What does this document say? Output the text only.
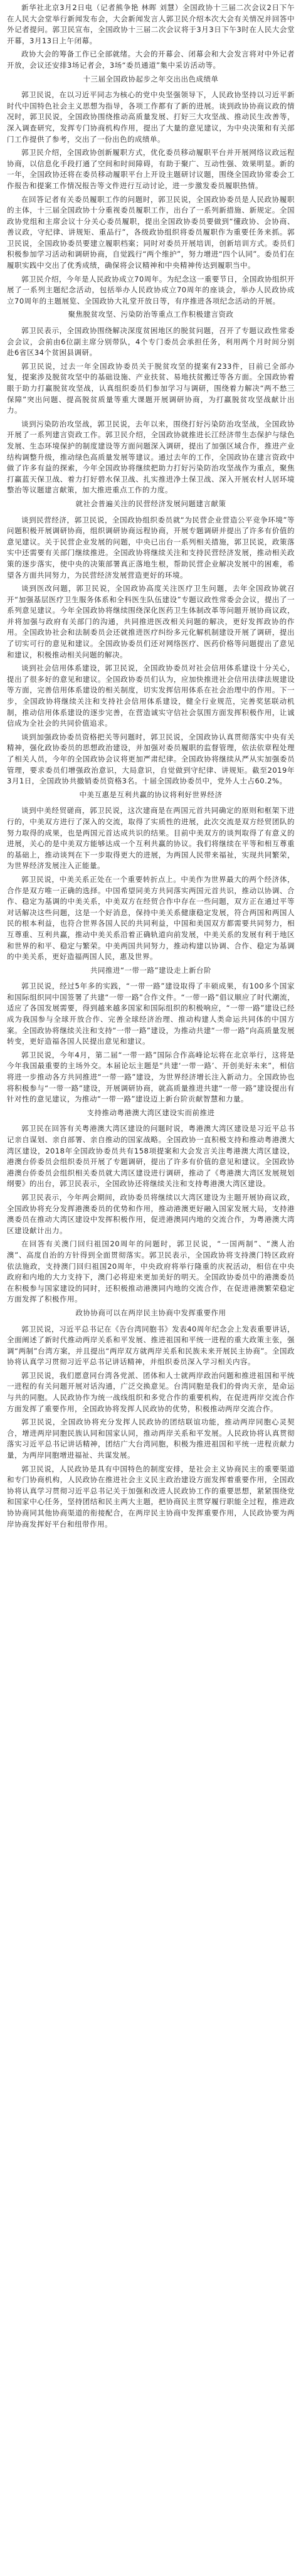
新华社北京3月2日电（记者熊争艳 林晖 刘慧）全国政协十三届二次会议2日下午在人民大会堂举行新闻发布会，大会新闻发言人郭卫民介绍本次大会有关情况并回答中外记者提问。郭卫民宣布，全国政协十三届二次会议将于3月3日下午3时在人民大会堂开幕，3月13日上午闭幕。

政协大会的筹备工作已全部就绪。大会的开幕会、闭幕会和大会发言将对中外记者开放，会议还安排3场记者会，3场“委员通道”集中采访活动等。

十三届全国政协起步之年交出出色成绩单

郭卫民说，在以习近平同志为核心的党中央坚强领导下，人民政协坚持以习近平新时代中国特色社会主义思想为指导，各项工作都有了新的进展。谈到政协协商议政的情况时，郭卫民说，全国政协围绕推动高质量发展、打好三大攻坚战、推动民生改善等，深入调查研究，发挥专门协商机构作用，提出了大量的意见建议，为中央决策和有关部门工作提供了参考，交出了一份出色的成绩单。

郭卫民介绍，全国政协创新履职方式，优化委员移动履职平台并开展网络议政远程协商，以信息化手段打通了空间和时间障碍，有助于聚广、互动性强、效果明显。新的一年，全国政协还将在委员移动履职平台上开设主题研讨议题，围绕全国政协常委会工作报告和提案工作情况报告等文件进行互动讨论，进一步激发委员履职热情。

在回答记者有关委员履职工作的问题时，郭卫民说，全国政协委员是人民政协履职的主体，十三届全国政协十分重视委员履职工作，出台了一系列新措施、新规定。全国政协党组和主席会议十分关心委员履职，提出全国政协委员要做到“懂政协、会协商、善议政，守纪律、讲规矩、重品行”，各级政协组织将委员履职作为重要任务来抓。郭卫民说，全国政协委员要建立履职档案；同时对委员开展培训，创新培训方式。委员们积极参加学习活动和调研协商，自觉践行“两个维护”，努力增进“四个认同”。委员们在履职实践中交出了优秀成绩，确保将会议精神和中央精神传达到履职当中。

郭卫民介绍，今年是人民政协成立70周年。为纪念这一重要节日，全国政协组织开展了一系列主题纪念活动，包括举办人民政协成立70周年的座谈会，举办人民政协成立70周年的主题展览、全国政协大礼堂开放日等，有序推进各项纪念活动的开展。

聚焦脱贫攻坚、污染防治等重点工作积极建言资政

郭卫民表示，全国政协围绕解决深度贫困地区的脱贫问题，召开了专题议政性常委会会议，会前由6位副主席分别带队，4个专门委员会承担任务，利用两个月时间分别赴6省区34个贫困县调研。

郭卫民说，过去一年全国政协委员关于脱贫攻坚的提案有233件，目前已全部办复，提案涉及脱贫攻坚中的基础设施、产业扶贫、易地扶贫搬迁等各方面。全国政协着眼于助力打赢脱贫攻坚战，认真组织委员们参加学习与调研，围绕着力解决“两不愁三保障”突出问题、提高脱贫质量等重大课题开展调研协商，为打赢脱贫攻坚战献计出力。

谈到污染防治攻坚战，郭卫民说，去年以来，围绕打好污染防治攻坚战，全国政协开展了一系列建言资政工作。郭卫民介绍，全国政协就推进长江经济带生态保护与绿色发展、生态环境保护的制度建设等方面问题深入调研，提出了加强区域合作，推进产业结构调整升级，推动绿色高质量发展等建议。通过去年的工作，全国政协在建言资政中做了许多有益的探索，今年全国政协将继续把助力打好污染防治攻坚战作为重点，聚焦打赢蓝天保卫战、着力打好碧水保卫战、扎实推进净土保卫战、深入开展农村人居环境整治等议题建言献策，加大推进重点工作的力度。

就社会普遍关注的民营经济发展问题建言献策

谈到民营经济，郭卫民说，全国政协组织委员就“为民营企业营造公平竞争环境”等问题积极开展调研协商，组织调研协商远程协商，开展专题调研并提出了许多有价值的意见建议。关于民营企业发展的问题，中央已出台一系列相关措施，郭卫民说，政策落实中还需要有关部门继续推进。全国政协将继续关注和支持民营经济发展，推动相关政策的逐步落实，使中央的决策部署真正落地生根，帮助民营企业解决发展中的困难，希望各方面共同努力，为民营经济发展营造更好的环境。

谈到医改问题，郭卫民说，全国政协高度关注医疗卫生问题，去年全国政协就召开“加强基层医疗卫生服务体系和全科医生队伍建设”专题议政性常委会会议，提出了一系列意见建议。今年全国政协将继续围绕深化医药卫生体制改革等问题开展协商议政，并将加强与政府有关部门的沟通，共同推进医改相关问题的解决，更好发挥政协的作用。全国政协社会和法制委员会还就推进医疗纠纷多元化解机制建设开展了调研，提出了切实可行的意见和建议。全国政协委员们还对网络医疗、医药价格等问题提出了意见和建议，积极推动相关问题的解决。

谈到社会信用体系建设，郭卫民说，全国政协委员对社会信用体系建设十分关心，提出了很多好的意见和建议。全国政协委员们认为，应加快推进社会信用法律法规建设等方面，完善信用体系建设的相关制度，切实发挥信用体系在社会治理中的作用。下一步，全国政协将继续关注和支持社会信用体系建设，健全行业规范，完善奖惩联动机制，推动信用体系建设的逐步完善，在营造诚实守信社会氛围方面发挥积极作用，让诚信成为全社会的共同价值追求。

谈到加强政协委员资格把关等问题时，郭卫民说，全国政协认真贯彻落实中央有关精神，强化政协委员的思想政治建设，并加强对委员履职的监督管理，依法依章程处理了相关人员，今年的全国政协会议将更加严肃纪律。全国政协将继续从严从实加强委员管理，要求委员们增强政治意识，大局意识，自觉做到守纪律、讲规矩。截至2019年3月1日，全国政协共撤销委员资格3名。十届全国政协委员中，党外人士占60.2%。

中美互惠是互利共赢的协议将利好世界经济

谈到中美经贸磋商，郭卫民说，这次建商是在两国元首共同确定的原则和框架下进行的，中美双方进行了深入的交流，取得了实质性的进展，此次交流是双方经贸团队的努力取得的成果，也是两国元首达成共识的结果。目前中美双方的谈判取得了有意义的进展，关心的是中美双方能够达成一个互利共赢的协议。我们将继续在平等和相互尊重的基础上，推动谈判在下一步取得更大的进展，为两国人民带来福祉，实现共同繁荣，为世界经济发展注入正能量。

郭卫民说，中美关系正处在一个重要转折点上。中美作为世界最大的两个经济体，合作是双方唯一正确的选择。中国希望同美方共同落实两国元首共识，推动以协调、合作、稳定为基调的中美关系，中美双方在经贸合作中存在一些问题，双方正在通过平等对话解决这些问题，这是一个好消息，保持中美关系健康稳定发展，符合两国和两国人民的根本利益，也符合世界各国人民的共同利益，中国和美国双方都需要共同努力，相互尊重、互利共赢，推动中美关系沿着正确轨道向前发展，中美关系的发展有利于地区和世界的和平、稳定与繁荣。中美两国共同努力，推动构建以协调、合作、稳定为基调的中美关系，更好造福两国人民，惠及世界。

共同推进“一带一路”建设走上新台阶

郭卫民说，经过5年多的实践，“一带一路”建设取得了丰硕成果，有100多个国家和国际组织同中国签署了共建“一带一路”合作文件。“一带一路”倡议顺应了时代潮流，适应了各国发展需要，得到越来越多国家和国际组织的积极响应，“一带一路”建设已经成为我国参与全球开放合作、完善全球经济治理、推动构建人类命运共同体的中国方案。全国政协将继续关注和支持“一带一路”建设，为推动共建“一带一路”向高质量发展转变，更好造福各国人民提出意见和建议。

郭卫民说，今年4月，第二届“一带一路”国际合作高峰论坛将在北京举行，这将是今年我国最重要的主场外交。本届论坛主题是“共建‘一带一路’、开创美好未来”，相信将进一步推动各方共同推进“一带一路”建设，为世界经济增长注入新动力。全国政协也将积极参与“一带一路”建设，开展调研协商，就高质量推进共建“一带一路”建设提出有针对性的意见建议，为推动“一带一路”建设迈上新台阶贡献智慧和力量。

支持推动粤港澳大湾区建设实而前推进

郭卫民在回答有关粤港澳大湾区建设的问题时说，粤港澳大湾区建设是习近平总书记亲自谋划、亲自部署、亲自推动的国家战略。全国政协一直积极支持和推动粤港澳大湾区建设，2018年全国政协委员共有158项提案和大会发言关注粤港澳大湾区建设，港澳台侨委员会组织委员开展了专题调研，提出了许多有价值的意见和建议。全国政协港澳台侨委员会组织相关委员就大湾区建设进行调研，推动了《粤港澳大湾区发展规划纲要》的出台，郭卫民表示，全国政协还将继续关注和支持粤港澳大湾区建设。

郭卫民表示，今年两会期间，政协委员将继续以大湾区建设为主题开展协商议政，全国政协将充分发挥港澳委员的优势和作用，推动港澳更好融入国家发展大局，支持港澳委员在推动大湾区建设中发挥积极作用，促进港澳同内地的交流合作，为粤港澳大湾区建设献计出力。

在回答有关澳门回归祖国20周年的问题时，郭卫民说，“一国两制”、“澳人治澳”、高度自治的方针得到全面贯彻落实。郭卫民表示，全国政协将支持澳门特区政府依法施政，支持澳门回归祖国20周年，中央政府将举行隆重的庆祝活动，相信在中央政府和内地的大力支持下，澳门必将迎来更加美好的明天。全国政协委员中的港澳委员在积极参与国家建设的同时，还积极推动港澳同内地的交流合作，在促进港澳繁荣稳定方面发挥了积极作用。

政协协商可以在两岸民主协商中发挥重要作用

郭卫民说，习近平总书记在《告台湾同胞书》发表40周年纪念会上发表重要讲话，全面阐述了新时代推动两岸关系和平发展、推进祖国和平统一进程的重大政策主张，强调“两制”台湾方案，并且提出“两岸双方就两岸关系和民族未来开展民主协商”。全国政协将认真学习贯彻习近平总书记讲话精神，并组织委员深入学习相关内容。

郭卫民说，我们愿意同台湾各党派、团体和人士就两岸政治问题和推进祖国和平统一进程的有关问题开展对话沟通，广泛交换意见。台湾同胞是我们的骨肉天亲，是命运与共的同胞。人民政协作为统一战线组织和多党合作的重要机构，在促进两岸交流合作方面发挥了重要作用，全国政协将发挥人民政协的优势，积极推动两岸交流合作。

郭卫民说，全国政协将充分发挥人民政协的团结联谊功能，推动两岸同胞心灵契合，增进两岸同胞民族认同和国家认同，推动两岸关系和平发展。人民政协将认真贯彻落实习近平总书记讲话精神，团结广大台湾同胞，积极为推进祖国和平统一进程贡献力量，为两岸同胞增进福祉、共谋发展。

郭卫民说，人民政协是具有中国特色的制度安排，是社会主义协商民主的重要渠道和专门协商机构，人民政协在推进社会主义民主政治建设方面发挥着重要作用，全国政协将认真学习贯彻习近平总书记关于加强和改进人民政协工作的重要思想，紧紧围绕党和国家中心任务，坚持团结和民主两大主题，把协商民主贯穿履行职能全过程，推进政协协商同其他协商渠道的衔接配合，在两岸民主协商中发挥重要作用，人民政协要为两岸协商发挥好平台和纽带作用。
